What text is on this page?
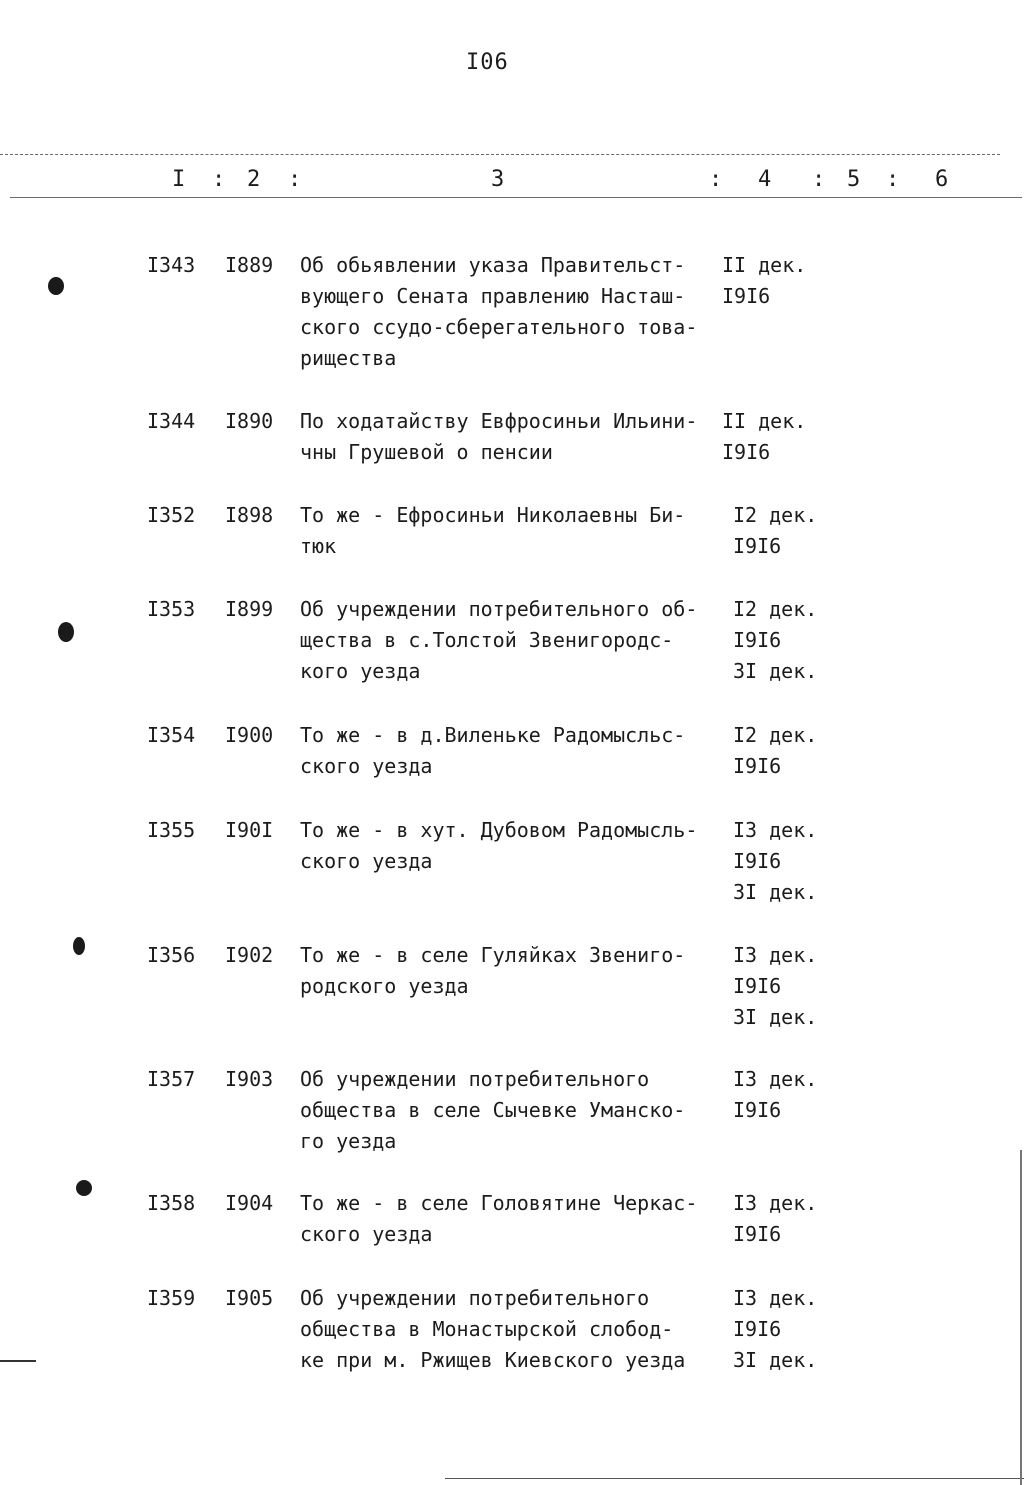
I06
I : 2 :	3	: 4 : 5 : 6
I343 I889 Об обьявлении указа Правительст-
вующего Сената правлению Насташ-
ского ссудо-сберегательного това-
рищества
II дек.
I9I6
I344 I890 По ходатайству Евфросиньи Ильини-
чны Грушевой о пенсии
II дек.
I9I6
I352 I898 То же - Ефросиньи Николаевны Би-
тюк
I2 дек.
I9I6
I353 I899 Об учреждении потребительного об-
щества в с.Толстой Звенигородс-
кого уезда
I2 дек.
I9I6
3I дек.
I354 I900 То же - в д.Виленьке Радомысльс-
ского уезда
I2 дек.
I9I6
I355 I90I То же - в хут. Дубовом Радомысль-
ского уезда
I3 дек.
I9I6
3I дек.
I356 I902 То же - в селе Гуляйках Звениго-
родского уезда
I3 дек.
I9I6
3I дек.
I357 I903 Об учреждении потребительного
общества в селе Сычевке Уманско-
го уезда
I3 дек.
I9I6
I358 I904 То же - в селе Головятине Черкас-
ского уезда
I3 дек.
I9I6
I359 I905 Об учреждении потребительного
общества в Монастырской слобод-
ке при м. Ржищев Киевского уезда
I3 дек.
I9I6
3I дек.
